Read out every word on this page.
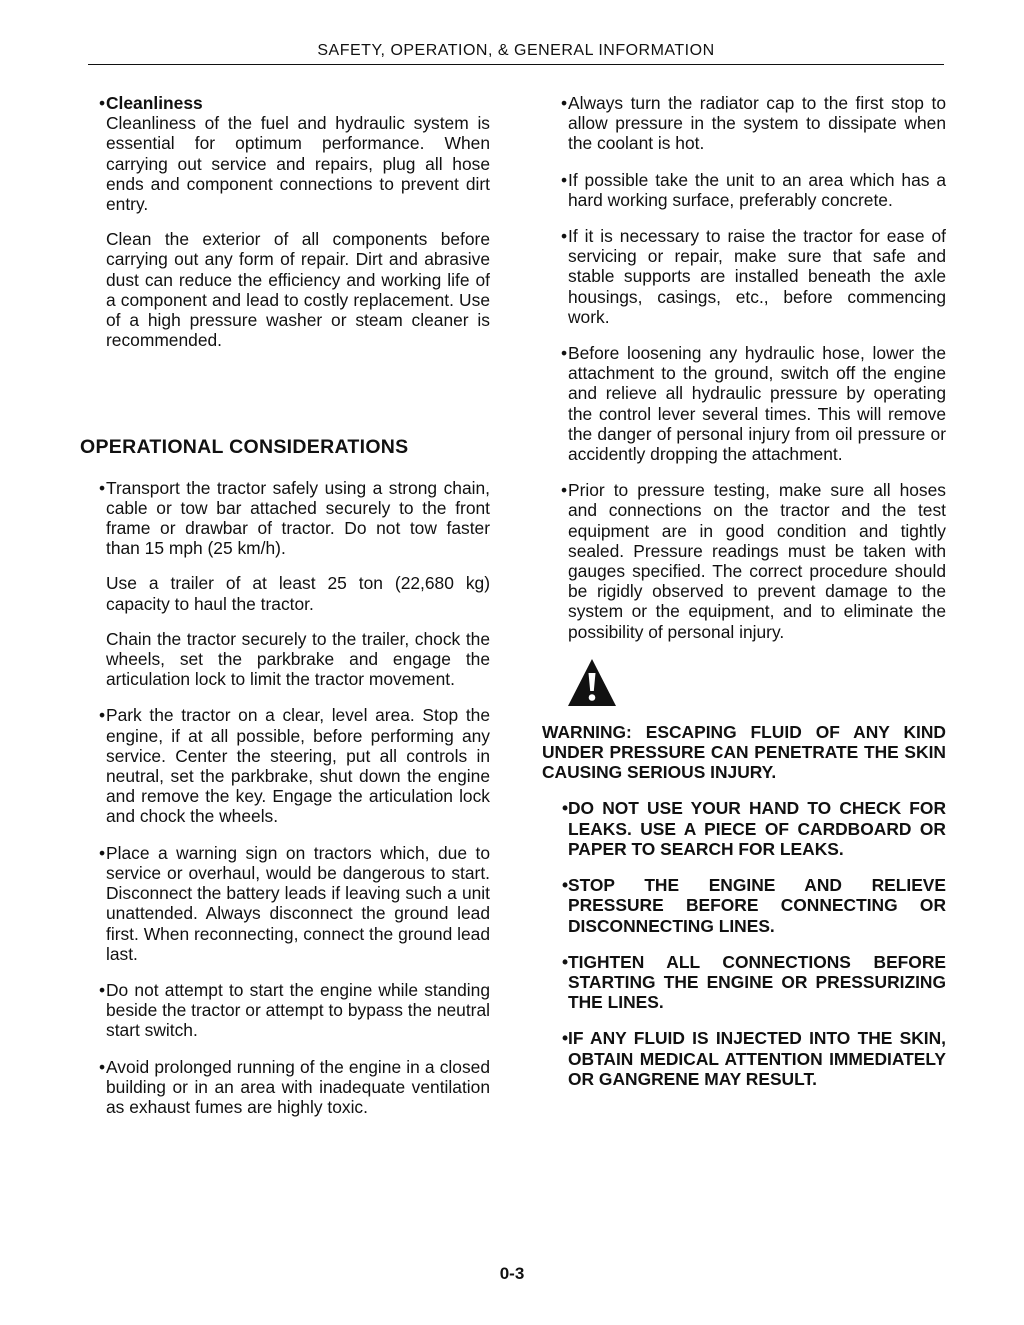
SAFETY, OPERATION, & GENERAL INFORMATION
• Cleanliness

Cleanliness of the fuel and hydraulic system is essential for optimum performance. When carrying out service and repairs, plug all hose ends and component connections to prevent dirt entry.

Clean the exterior of all components before carrying out any form of repair. Dirt and abrasive dust can reduce the efficiency and working life of a component and lead to costly replacement. Use of a high pressure washer or steam cleaner is recommended.

OPERATIONAL CONSIDERATIONS
• Transport the tractor safely using a strong chain, cable or tow bar attached securely to the front frame or drawbar of tractor. Do not tow faster than 15 mph (25 km/h).

Use a trailer of at least 25 ton (22,680 kg) capacity to haul the tractor.

Chain the tractor securely to the trailer, chock the wheels, set the parkbrake and engage the articulation lock to limit the tractor movement.

• Park the tractor on a clear, level area. Stop the engine, if at all possible, before performing any service. Center the steering, put all controls in neutral, set the parkbrake, shut down the engine and remove the key. Engage the articulation lock and chock the wheels.

• Place a warning sign on tractors which, due to service or overhaul, would be dangerous to start. Disconnect the battery leads if leaving such a unit unattended. Always disconnect the ground lead first. When reconnecting, connect the ground lead last.

• Do not attempt to start the engine while standing beside the tractor or attempt to bypass the neutral start switch.

• Avoid prolonged running of the engine in a closed building or in an area with inadequate ventilation as exhaust fumes are highly toxic.

• Always turn the radiator cap to the first stop to allow pressure in the system to dissipate when the coolant is hot.

• If possible take the unit to an area which has a hard working surface, preferably concrete.

• If it is necessary to raise the tractor for ease of servicing or repair, make sure that safe and stable supports are installed beneath the axle housings, casings, etc., before commencing work.

• Before loosening any hydraulic hose, lower the attachment to the ground, switch off the engine and relieve all hydraulic pressure by operating the control lever several times. This will remove the danger of personal injury from oil pressure or accidently dropping the attachment.

• Prior to pressure testing, make sure all hoses and connections on the tractor and the test equipment are in good condition and tightly sealed. Pressure readings must be taken with gauges specified. The correct procedure should be rigidly observed to prevent damage to the system or the equipment, and to eliminate the possibility of personal injury.

WARNING: ESCAPING FLUID OF ANY KIND UNDER PRESSURE CAN PENETRATE THE SKIN CAUSING SERIOUS INJURY.
• DO NOT USE YOUR HAND TO CHECK FOR LEAKS. USE A PIECE OF CARDBOARD OR PAPER TO SEARCH FOR LEAKS.

• STOP THE ENGINE AND RELIEVE PRESSURE BEFORE CONNECTING OR DISCONNECTING LINES.

• TIGHTEN ALL CONNECTIONS BEFORE STARTING THE ENGINE OR PRESSURIZING THE LINES.

• IF ANY FLUID IS INJECTED INTO THE SKIN, OBTAIN MEDICAL ATTENTION IMMEDIATELY OR GANGRENE MAY RESULT.

0-3
